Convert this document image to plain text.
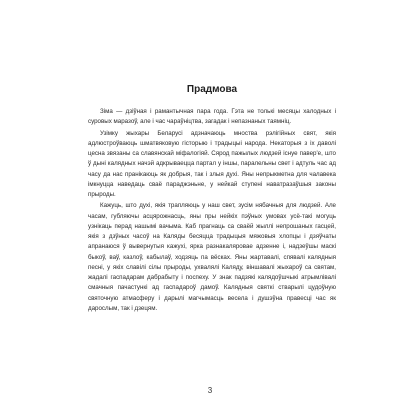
Прадмова

Зіма — дзіўная і рамантычная пара года. Гэта не толькі месяцы халодных і суровых маразоў, але і час чараўніцтва, загадак і непазнаных таямніц.

Узімку жыхары Беларусі адзначаюць мноства рэлігійных свят, якія адлюстроўваюць шматвяковую гісторыю і традыцыі народа. Некаторыя з іх даволі цесна звязаны са славянскай міфалогіяй. Сярод пажылых людзей існуе павер'е, што ў дыні калядных начэй адкрываецца партал у іншы, паралельны свет і адтуль час ад часу да нас пранікаюць як добрыя, так і злыя духі. Яны непрыкметна для чалавека імкнуцца наведаць сваё параджэньне, у нейкай ступені наватразаўшыя законы прыроды.

Кажуць, што духі, якія трапляюць у наш свет, зусім нябачныя для людзей. Але часам, губляючы асцярожнасць, яны пры нейкіх пэўных умовах усё-такі могуць узнікаць перад нашымі вачыма. Каб прагнаць са сваёй жыллі непрошаных гасцей, якія з дзўных часоў на Каляды бесяцца традыцыя мяжовыя хлопцы і дзяўчаты апранаюся ў вывернутыя кажухі, ярка разнакаляровае адзенне і, надзеўшы маскі быкоў, ваў, казлоў, кабылаў, ходзяць па вёсках. Яны жартавалі, спявалі калядныя песні, у якіх славілі сілы прыроды, ухвалялі Каляду, віншавалі жыхароў са святам, жадалі гаспадарам дабрабыту і поспеху. У знак падзякі калядоўшчыкі атрымлівалі смачныя пачастункі ад гаспадароў дамоў. Калядныя святкі стварылі цудоўную святочную атмасферу і дарылі магчымасць весела і душэўна правесці час як дарослым, так і дзецям.

3
